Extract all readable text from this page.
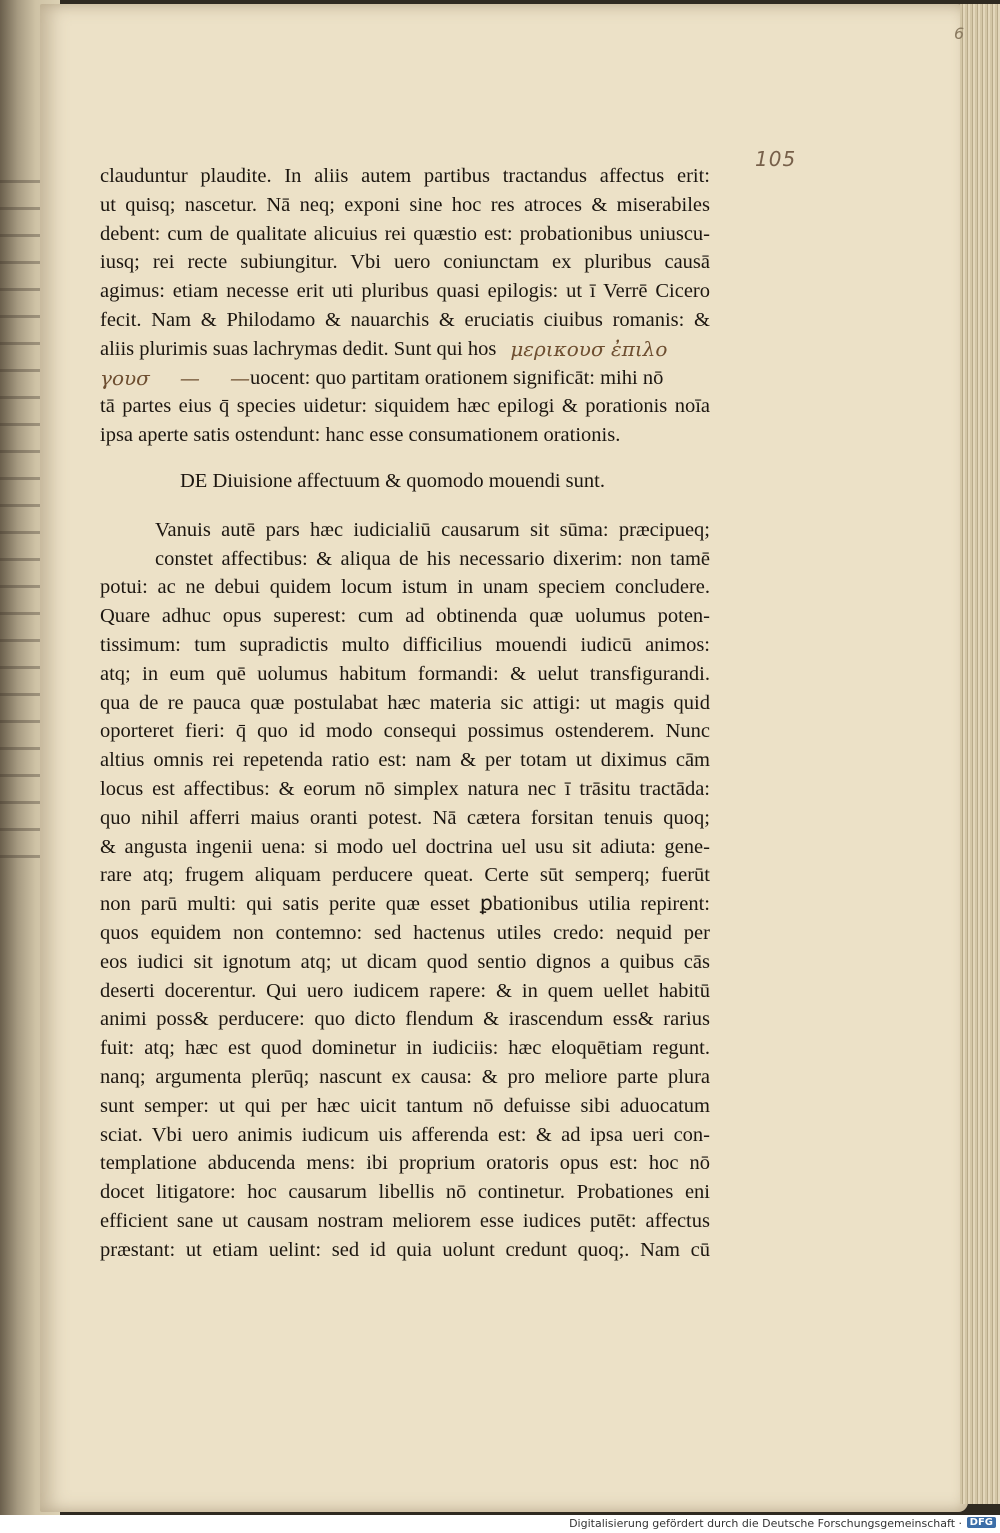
6
105
clauduntur plaudite. In aliis autem partibus tractandus affectus erit:
ut quisq; nascetur. Nā neq; exponi sine hoc res atroces & miserabiles
debent: cum de qualitate alicuius rei quæstio est: probationibus uniuscu-
iusq; rei recte subiungitur. Vbi uero coniunctam ex pluribus causā
agimus: etiam necesse erit uti pluribus quasi epilogis: ut ī Verrē Cicero
fecit. Nam & Philodamo & nauarchis & eruciatis ciuibus romanis: &
aliis plurimis suas lachrymas dedit. Sunt qui hos μερικουσ ἐπιλο
γουσ — — uocent: quo partitam orationem significāt: mihi nō
tā partes eius q̄ species uidetur: siquidem hæc epilogi & porationis noīa
ipsa aperte satis ostendunt: hanc esse consumationem orationis.
DE Diuisione affectuum & quomodo mouendi sunt.
Vanuis autē pars hæc iudicialiū causarum sit sūma: præcipueq;
constet affectibus: & aliqua de his necessario dixerim: non tamē
potui: ac ne debui quidem locum istum in unam speciem concludere.
Quare adhuc opus superest: cum ad obtinenda quæ uolumus poten-
tissimum: tum supradictis multo difficilius mouendi iudicū animos:
atq; in eum quē uolumus habitum formandi: & uelut transfigurandi.
qua de re pauca quæ postulabat hæc materia sic attigi: ut magis quid
oporteret fieri: q̄ quo id modo consequi possimus ostenderem. Nunc
altius omnis rei repetenda ratio est: nam & per totam ut diximus cām
locus est affectibus: & eorum nō simplex natura nec ī trāsitu tractāda:
quo nihil afferri maius oranti potest. Nā cætera forsitan tenuis quoq;
& angusta ingenii uena: si modo uel doctrina uel usu sit adiuta: gene-
rare atq; frugem aliquam perducere queat. Certe sūt semperq; fuerūt
non parū multi: qui satis perite quæ esset ꝑbationibus utilia repirent:
quos equidem non contemno: sed hactenus utiles credo: nequid per
eos iudici sit ignotum atq; ut dicam quod sentio dignos a quibus cās
deserti docerentur. Qui uero iudicem rapere: & in quem uellet habitū
animi poss& perducere: quo dicto flendum & irascendum ess& rarius
fuit: atq; hæc est quod dominetur in iudiciis: hæc eloquētiam regunt.
nanq; argumenta plerūq; nascunt ex causa: & pro meliore parte plura
sunt semper: ut qui per hæc uicit tantum nō defuisse sibi aduocatum
sciat. Vbi uero animis iudicum uis afferenda est: & ad ipsa ueri con-
templatione abducenda mens: ibi proprium oratoris opus est: hoc nō
docet litigatore: hoc causarum libellis nō continetur. Probationes eni
efficient sane ut causam nostram meliorem esse iudices putēt: affectus
præstant: ut etiam uelint: sed id quia uolunt credunt quoq;. Nam cū
Digitalisierung gefördert durch die Deutsche Forschungsgemeinschaft · DFG
